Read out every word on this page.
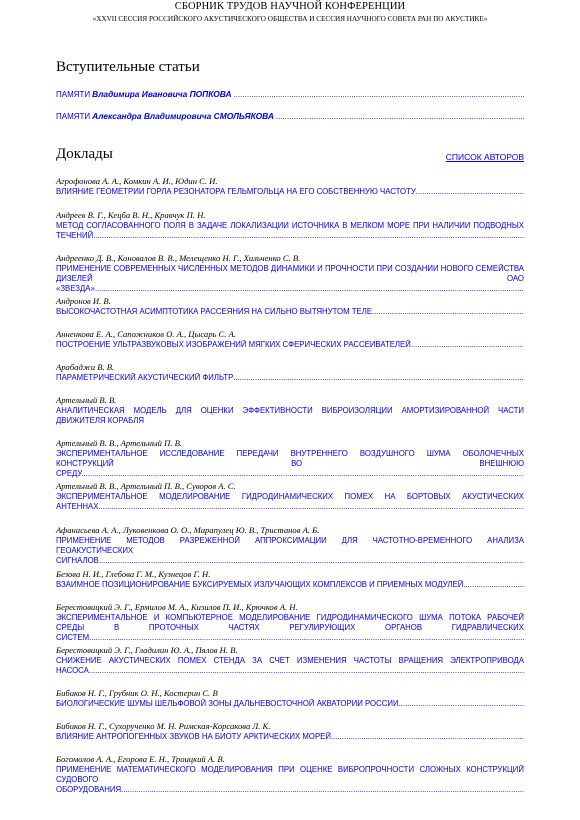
СБОРНИК ТРУДОВ НАУЧНОЙ КОНФЕРЕНЦИИ
«XXVII СЕССИЯ РОССИЙСКОГО АКУСТИЧЕСКОГО ОБЩЕСТВА И СЕССИЯ НАУЧНОГО СОВЕТА РАН ПО АКУСТИКЕ»
Вступительные статьи
ПАМЯТИ Владимира Ивановича ПОПКОВА
.....
ПАМЯТИ Александра Владимировича СМОЛЬЯКОВА
.....
Доклады	СПИСОК АВТОРОВ
Агрофонова А. А., Комкин А. И., Юдин С. И.
ВЛИЯНИЕ ГЕОМЕТРИИ ГОРЛА РЕЗОНАТОРА ГЕЛЬМГОЛЬЦА НА ЕГО СОБСТВЕННУЮ ЧАСТОТУ
.....
Андреев В. Г., Кецба В. Н., Кравчук П. Н.
МЕТОД СОГЛАСОВАННОГО ПОЛЯ В ЗАДАЧЕ ЛОКАЛИЗАЦИИ ИСТОЧНИКА В МЕЛКОМ МОРЕ ПРИ НАЛИЧИИ ПОДВОДНЫХ ТЕЧЕНИЙ .....
Андреенко Д. В., Коновалов В. В., Мелещенко Н. Г., Хильченко С. В.
ПРИМЕНЕНИЕ СОВРЕМЕННЫХ ЧИСЛЕННЫХ МЕТОДОВ ДИНАМИКИ И ПРОЧНОСТИ ПРИ СОЗДАНИИ НОВОГО СЕМЕЙСТВА ДИЗЕЛЕЙ ОАО «ЗВЕЗДА» .....
Андронов И. В.
ВЫСОКОЧАСТОТНАЯ АСИМПТОТИКА РАССЕЯНИЯ НА СИЛЬНО ВЫТЯНУТОМ ТЕЛЕ
.....
Анненкова Е. А., Сапожников О. А., Цысарь С. А.
ПОСТРОЕНИЕ УЛЬТРАЗВУКОВЫХ ИЗОБРАЖЕНИЙ МЯГКИХ СФЕРИЧЕСКИХ РАССЕИВАТЕЛЕЙ
.....
Арабаджи В. В.
ПАРАМЕТРИЧЕСКИЙ АКУСТИЧЕСКИЙ ФИЛЬТР
.....
Артельный В. В.
АНАЛИТИЧЕСКАЯ МОДЕЛЬ ДЛЯ ОЦЕНКИ ЭФФЕКТИВНОСТИ ВИБРОИЗОЛЯЦИИ АМОРТИЗИРОВАННОЙ ЧАСТИ ДВИЖИТЕЛЯ КОРАБЛЯ
Артельный В. В., Артельный П. В.
ЭКСПЕРИМЕНТАЛЬНОЕ ИССЛЕДОВАНИЕ ПЕРЕДАЧИ ВНУТРЕННЕГО ВОЗДУШНОГО ШУМА ОБОЛОЧЕЧНЫХ КОНСТРУКЦИЙ ВО ВНЕШНЮЮ СРЕДУ .....
Артельный В. В., Артельный П. В., Суворов А. С.
ЭКСПЕРИМЕНТАЛЬНОЕ МОДЕЛИРОВАНИЕ ГИДРОДИНАМИЧЕСКИХ ПОМЕХ НА БОРТОВЫХ АКУСТИЧЕСКИХ АНТЕННАХ .....
Афанасьева А. А., Луковенкова О. О., Марапулец Ю. В., Тристанов А. Б.
ПРИМЕНЕНИЕ МЕТОДОВ РАЗРЕЖЕННОЙ АППРОКСИМАЦИИ ДЛЯ ЧАСТОТНО-ВРЕМЕННОГО АНАЛИЗА ГЕОАКУСТИЧЕСКИХ СИГНАЛОВ .....
Безова Н. И., Глебова Г. М., Кузнецов Г. Н.
ВЗАИМНОЕ ПОЗИЦИОНИРОВАНИЕ БУКСИРУЕМЫХ ИЗЛУЧАЮЩИХ КОМПЛЕКСОВ И ПРИЕМНЫХ МОДУЛЕЙ
.....
Берестовицкий Э. Г., Ермилов М. А., Кизилов П. И., Крючков А. Н.
ЭКСПЕРИМЕНТАЛЬНОЕ И КОМПЬЮТЕРНОЕ МОДЕЛИРОВАНИЕ ГИДРОДИНАМИЧЕСКОГО ШУМА ПОТОКА РАБОЧЕЙ СРЕДЫ В ПРОТОЧНЫХ ЧАСТЯХ РЕГУЛИРУЮЩИХ ОРГАНОВ ГИДРАВЛИЧЕСКИХ СИСТЕМ .....
Берестовицкий Э. Г., Гладилин Ю. А., Пялов Н. В.
СНИЖЕНИЕ АКУСТИЧЕСКИХ ПОМЕХ СТЕНДА ЗА СЧЕТ ИЗМЕНЕНИЯ ЧАСТОТЫ ВРАЩЕНИЯ ЭЛЕКТРОПРИВОДА НАСОСА .....
Бибиков Н. Г., Грубник О. Н., Костерин С. В
БИОЛОГИЧЕСКИЕ ШУМЫ ШЕЛЬФОВОЙ ЗОНЫ ДАЛЬНЕВОСТОЧНОЙ АКВАТОРИИ РОССИИ
.....
Бибиков Н. Г., Сухорученко М. Н. Римская-Корсакова Л. К.
ВЛИЯНИЕ АНТРОПОГЕННЫХ ЗВУКОВ НА БИОТУ АРКТИЧЕСКИХ МОРЕЙ
.....
Богомолов А. А., Егорова Е. Н., Троицкий А. В.
ПРИМЕНЕНИЕ МАТЕМАТИЧЕСКОГО МОДЕЛИРОВАНИЯ ПРИ ОЦЕНКЕ ВИБРОПРОЧНОСТИ СЛОЖНЫХ КОНСТРУКЦИЙ СУДОВОГО ОБОРУДОВАНИЯ .....
